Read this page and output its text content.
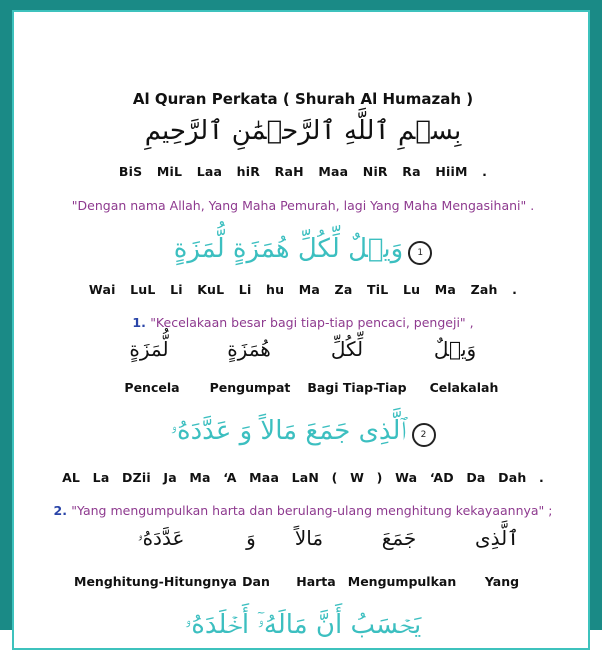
Al Quran Perkata ( Shurah Al Humazah )
بِسۡمِ ٱللَّهِ ٱلرَّحۡمَٰنِ ٱلرَّحِيمِ
BiS MiL Laa hiR RaH Maa NiR Ra HiiM .
"Dengan nama Allah, Yang Maha Pemurah, lagi Yang Maha Mengasihani" .
وَيۡلٌ لِّكُلِّ هُمَزَةٍ لُّمَزَةٍ 1
Wai LuL Li KuL Li hu Ma Za TiL Lu Ma Zah .
1. "Kecelakaan besar bagi tiap-tiap pencaci, pengeji" ,
وَيۡلٌ
لِّكُلِّ
هُمَزَةٍ
لُّمَزَةٍ
Celakalah
Bagi Tiap-Tiap
Pengumpat
Pencela
ٱلَّذِى جَمَعَ مَالاً وَ عَدَّدَهُۥ 2
AL La DZii Ja Ma ʻA Maa LaN ( W ) Wa ʻAD Da Dah .
2. "Yang mengumpulkan harta dan berulang-ulang menghitung kekayaannya" ;
ٱلَّذِى
جَمَعَ
مَالاً
وَ
عَدَّدَهُۥ
Yang
Mengumpulkan
Harta
Dan
Menghitung-Hitungnya
يَحۡسَبُ أَنَّ مَالَهُۥٓ أَخۡلَدَهُۥ
